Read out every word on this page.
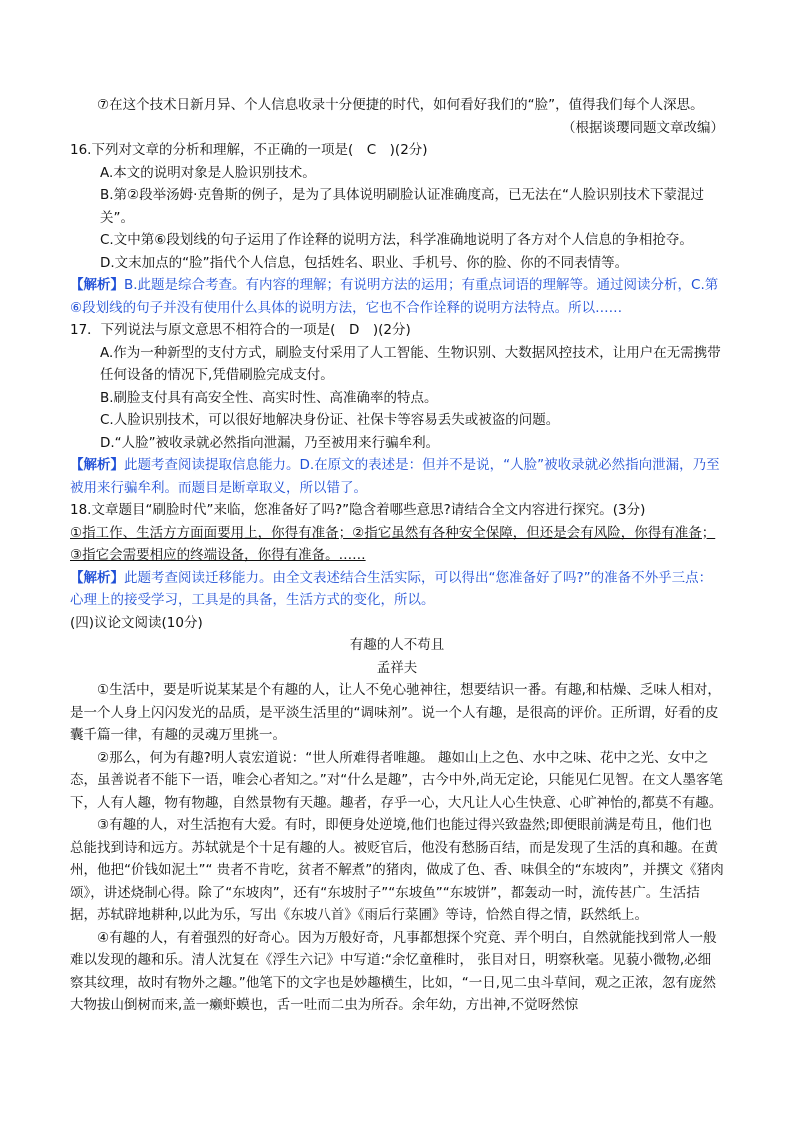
⑦在这个技术日新月异、个人信息收录十分便捷的时代，如何看好我们的“脸”，值得我们每个人深思。

（根据谈璎同题文章改编）

16.下列对文章的分析和理解，不正确的一项是(　C　)(2分)

A.本文的说明对象是人脸识别技术。

B.第②段举汤姆·克鲁斯的例子，是为了具体说明刷脸认证准确度高，已无法在“人脸识别技术下蒙混过关”。

C.文中第⑥段划线的句子运用了作诠释的说明方法，科学准确地说明了各方对个人信息的争相抢夺。

D.文末加点的“脸”指代个人信息，包括姓名、职业、手机号、你的脸、你的不同表情等。

【解析】B.此题是综合考查。有内容的理解；有说明方法的运用；有重点词语的理解等。通过阅读分析，C.第⑥段划线的句子并没有使用什么具体的说明方法，它也不合作诠释的说明方法特点。所以……

17．下列说法与原文意思不相符合的一项是(　D　)(2分)

A.作为一种新型的支付方式，刷脸支付采用了人工智能、生物识别、大数据风控技术，让用户在无需携带任何设备的情况下,凭借刷脸完成支付。

B.刷脸支付具有高安全性、高实时性、高准确率的特点。

C.人脸识别技术，可以很好地解决身份证、社保卡等容易丢失或被盗的问题。

D.“人脸”被收录就必然指向泄漏，乃至被用来行骗牟利。

【解析】此题考查阅读提取信息能力。D.在原文的表述是：但并不是说，“人脸”被收录就必然指向泄漏，乃至被用来行骗牟利。而题目是断章取义，所以错了。

18.文章题目“刷脸时代”来临，您准备好了吗?”隐含着哪些意思?请结合全文内容进行探究。(3分)

①指工作、生活方方面面要用上，你得有准备；②指它虽然有各种安全保障，但还是会有风险，你得有准备；③指它会需要相应的终端设备，你得有准备。……

【解析】此题考查阅读迁移能力。由全文表述结合生活实际，可以得出“您准备好了吗?”的准备不外乎三点：心理上的接受学习，工具是的具备，生活方式的变化，所以。

(四)议论文阅读(10分)

有趣的人不苟且

孟祥夫

①生活中，要是听说某某是个有趣的人，让人不免心驰神往，想要结识一番。有趣,和枯燥、乏味人相对，是一个人身上闪闪发光的品质，是平淡生活里的“调味剂”。说一个人有趣，是很高的评价。正所谓，好看的皮囊千篇一律，有趣的灵魂万里挑一。

②那么，何为有趣?明人袁宏道说：“世人所难得者唯趣。 趣如山上之色、水中之味、花中之光、女中之态，虽善说者不能下一语，唯会心者知之。”对“什么是趣”，古今中外,尚无定论，只能见仁见智。在文人墨客笔下，人有人趣，物有物趣，自然景物有天趣。趣者，存乎一心，大凡让人心生快意、心旷神怡的,都莫不有趣。

③有趣的人，对生活抱有大爱。有时，即便身处逆境,他们也能过得兴致盎然;即便眼前满是苟且，他们也总能找到诗和远方。苏轼就是个十足有趣的人。被贬官后，他没有愁肠百结，而是发现了生活的真和趣。在黄州，他把“价钱如泥土”“ 贵者不肯吃，贫者不解煮”的猪肉，做成了色、香、味俱全的“东坡肉”，并撰文《猪肉颂》，讲述烧制心得。除了“东坡肉”，还有“东坡肘子”“东坡鱼”“东坡饼”，都轰动一时，流传甚广。生活拮据，苏轼辟地耕种,以此为乐，写出《东坡八首》《雨后行菜圃》等诗，恰然自得之情，跃然纸上。

④有趣的人，有着强烈的好奇心。因为万般好奇，凡事都想探个究竟、弄个明白，自然就能找到常人一般难以发现的趣和乐。清人沈复在《浮生六记》中写道:“余忆童稚时， 张目对日，明察秋毫。见藐小微物,必细察其纹理，故时有物外之趣。”他笔下的文字也是妙趣横生，比如，“一日,见二虫斗草间，观之正浓，忽有庞然大物拔山倒树而来,盖一癞虾蟆也，舌一吐而二虫为所吞。余年幼，方出神,不觉呀然惊
